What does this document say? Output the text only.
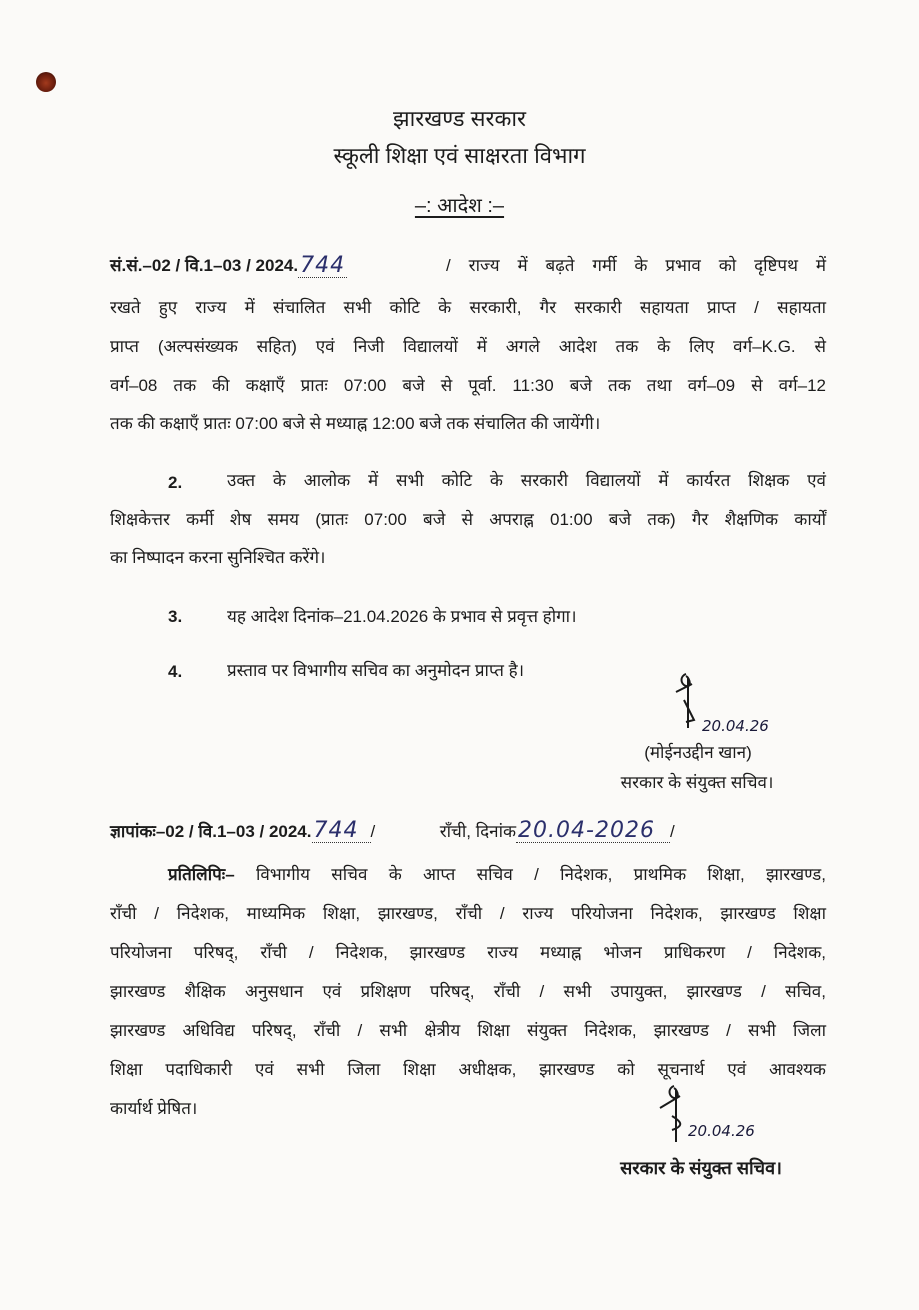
झारखण्ड सरकार
स्कूली शिक्षा एवं साक्षरता विभाग
–: आदेश :–
सं.सं.–02 / वि.1–03 / 2024. 744	/ राज्य में बढ़ते गर्मी के प्रभाव को दृष्टिपथ में
रखते हुए राज्य में संचालित सभी कोटि के सरकारी, गैर सरकारी सहायता प्राप्त / सहायता
प्राप्त (अल्पसंख्यक सहित) एवं निजी विद्यालयों में अगले आदेश तक के लिए वर्ग–K.G. से
वर्ग–08 तक की कक्षाएँ प्रातः 07:00 बजे से पूर्वा. 11:30 बजे तक तथा वर्ग–09 से वर्ग–12
तक की कक्षाएँ प्रातः 07:00 बजे से मध्याह्न 12:00 बजे तक संचालित की जायेंगी।
2.	उक्त के आलोक में सभी कोटि के सरकारी विद्यालयों में कार्यरत शिक्षक एवं
शिक्षकेत्तर कर्मी शेष समय (प्रातः 07:00 बजे से अपराह्न 01:00 बजे तक) गैर शैक्षणिक कार्यों
का निष्पादन करना सुनिश्चित करेंगे।
3.	यह आदेश दिनांक–21.04.2026 के प्रभाव से प्रवृत्त होगा।
4.	प्रस्ताव पर विभागीय सचिव का अनुमोदन प्राप्त है।
20.04.26
(मोईनउद्दीन खान)
सरकार के संयुक्त सचिव।
ज्ञापांकः–02 / वि.1–03 / 2024.744 /	राँची, दिनांक20.04-2026 /
प्रतिलिपिः– विभागीय सचिव के आप्त सचिव / निदेशक, प्राथमिक शिक्षा, झारखण्ड,
राँची / निदेशक, माध्यमिक शिक्षा, झारखण्ड, राँची / राज्य परियोजना निदेशक, झारखण्ड शिक्षा
परियोजना परिषद्, राँची / निदेशक, झारखण्ड राज्य मध्याह्न भोजन प्राधिकरण / निदेशक,
झारखण्ड शैक्षिक अनुसधान एवं प्रशिक्षण परिषद्, राँची / सभी उपायुक्त, झारखण्ड / सचिव,
झारखण्ड अधिविद्य परिषद्, राँची / सभी क्षेत्रीय शिक्षा संयुक्त निदेशक, झारखण्ड / सभी जिला
शिक्षा पदाधिकारी एवं सभी जिला शिक्षा अधीक्षक, झारखण्ड को सूचनार्थ एवं आवश्यक
कार्यार्थ प्रेषित।
20.04.26
सरकार के संयुक्त सचिव।
